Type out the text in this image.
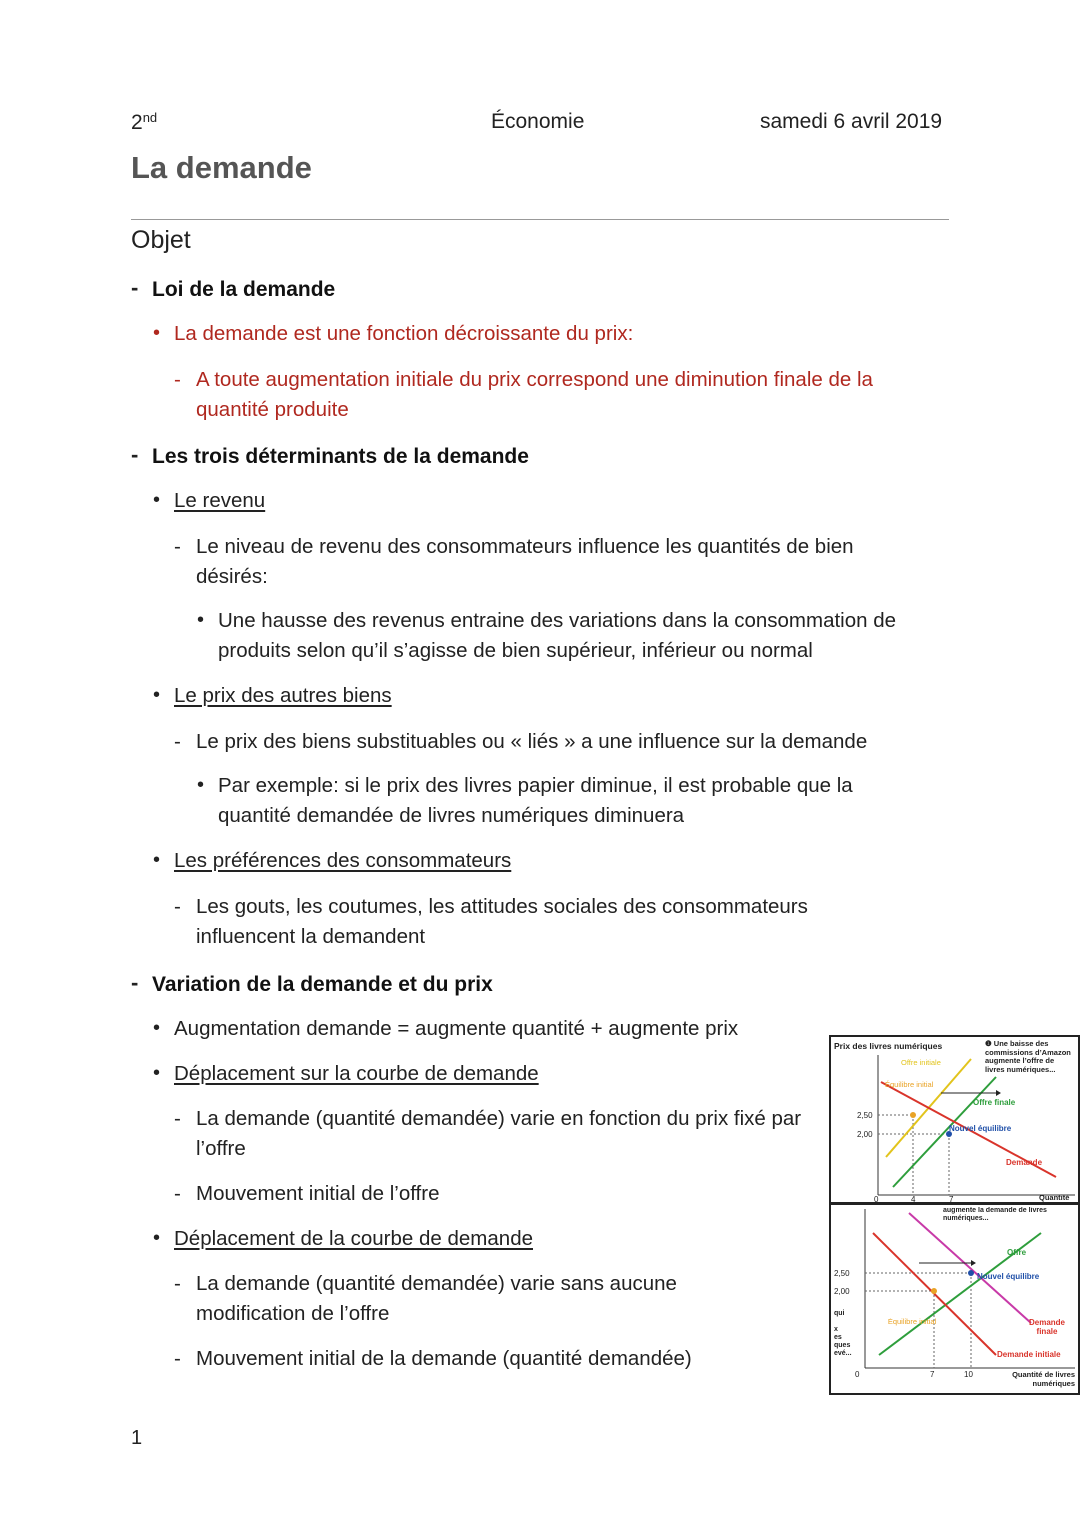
2nd	Économie	samedi 6 avril 2019
La demande
Objet
- Loi de la demande
• La demande est une fonction décroissante du prix:
- A toute augmentation initiale du prix correspond une diminution finale de la quantité produite
- Les trois déterminants de la demande
• Le revenu
- Le niveau de revenu des consommateurs influence les quantités de bien désirés:
• Une hausse des revenus entraine des variations dans la consommation de produits selon qu’il s’agisse de bien supérieur, inférieur ou normal
• Le prix des autres biens
- Le prix des biens substituables ou « liés » a une influence sur la demande
• Par exemple: si le prix des livres papier diminue, il est probable que la quantité demandée de livres numériques diminuera
• Les préférences des consommateurs
- Les gouts, les coutumes, les attitudes sociales des consommateurs influencent la demandent
- Variation de la demande et du prix
• Augmentation demande = augmente quantité + augmente prix
• Déplacement sur la courbe de demande
- La demande (quantité demandée) varie en fonction du prix fixé par l’offre
- Mouvement initial de l’offre
• Déplacement de la courbe de demande
- La demande (quantité demandée) varie sans aucune modification de l’offre
- Mouvement initial de la demande (quantité demandée)
1
Prix des livres numériques
Offre initiale
Équilibre initial
Offre finale
Nouvel équilibre
Demande
❶ Une baisse des commissions d’Amazon augmente l’offre de livres numériques...
2,50
2,00
0	4	7	Quantité
augmente la demande de livres numériques...
Offre
Nouvel équilibre
Demande finale
Demande initiale
Équilibre initial
2,50
2,00
qui
x
es
ques
evé...
0	7	10	Quantité de livres numériques
